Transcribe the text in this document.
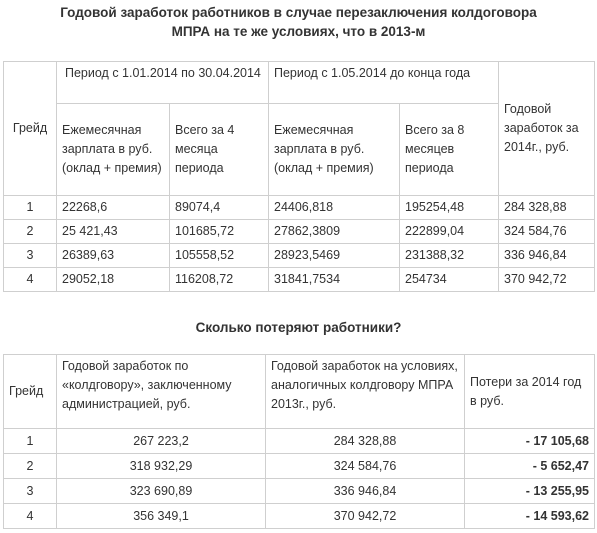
Годовой заработок работников в случае перезаключения колдоговора МПРА на те же условиях, что в 2013-м
Грейд	Период с 1.01.2014 по 30.04.2014		Период с 1.05.2014 до конца года		Годовой заработок за 2014г., руб.
	Ежемесячная зарплата в руб. (оклад + премия)	Всего за 4 месяца периода	Ежемесячная зарплата в руб. (оклад + премия)	Всего за 8 месяцев периода	
1	22268,6	89074,4	24406,818	195254,48	284 328,88
2	25 421,43	101685,72	27862,3809	222899,04	324 584,76
3	26389,63	105558,52	28923,5469	231388,32	336 946,84
4	29052,18	116208,72	31841,7534	254734	370 942,72
Сколько потеряют работники?
Грейд	Годовой заработок по «колдговору», заключенному администрацией, руб.	Годовой заработок на условиях, аналогичных колдговору МПРА 2013г., руб.	Потери за 2014 год в руб.
1	267 223,2	284 328,88	- 17 105,68
2	318 932,29	324 584,76	- 5 652,47
3	323 690,89	336 946,84	- 13 255,95
4	356 349,1	370 942,72	- 14 593,62
